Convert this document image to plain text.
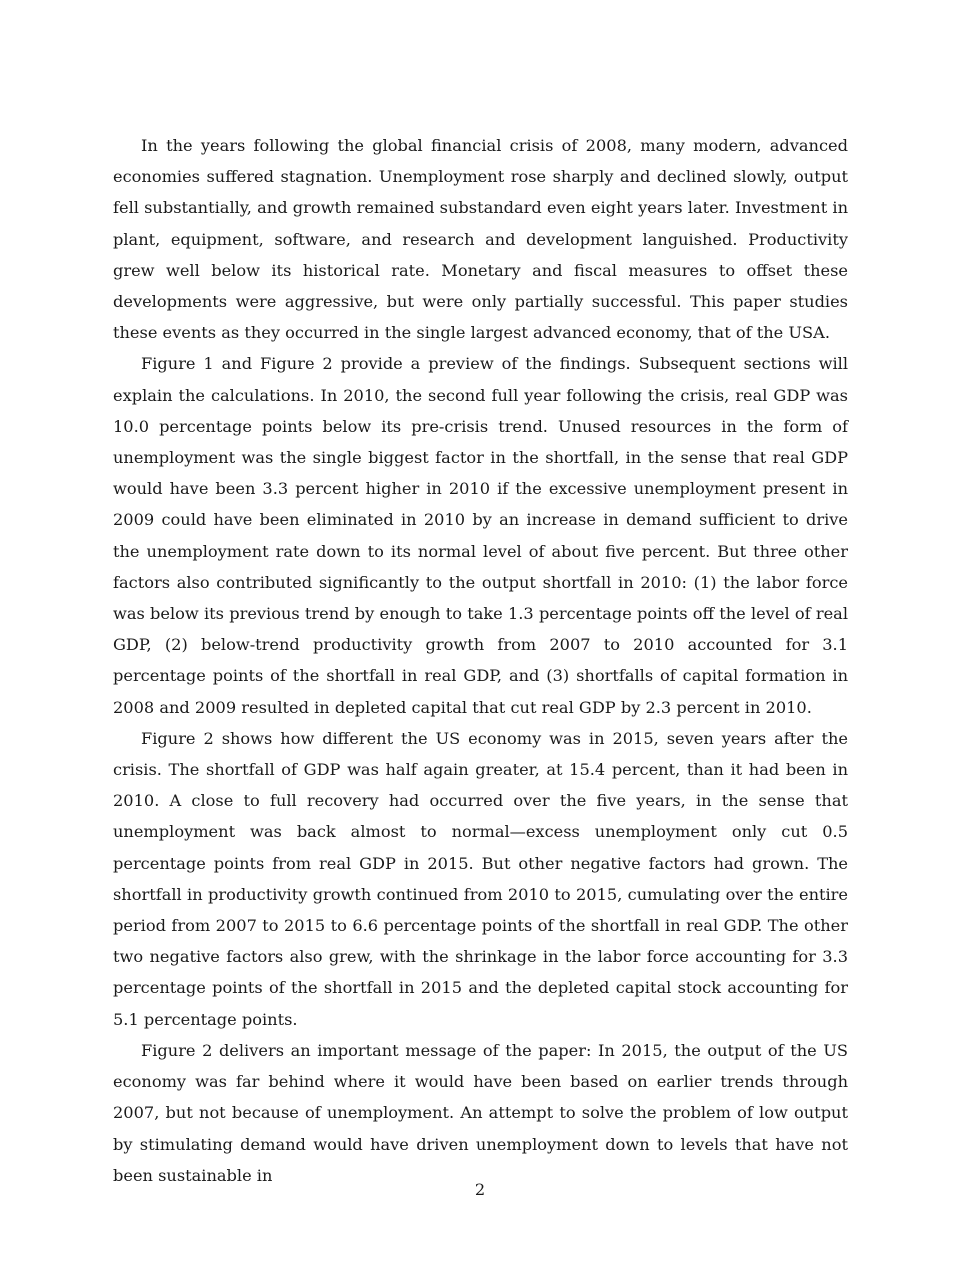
In the years following the global financial crisis of 2008, many modern, advanced economies suffered stagnation. Unemployment rose sharply and declined slowly, output fell substantially, and growth remained substandard even eight years later. Investment in plant, equipment, software, and research and development languished. Productivity grew well below its historical rate. Monetary and fiscal measures to offset these developments were aggressive, but were only partially successful. This paper studies these events as they occurred in the single largest advanced economy, that of the USA.

Figure 1 and Figure 2 provide a preview of the findings. Subsequent sections will explain the calculations. In 2010, the second full year following the crisis, real GDP was 10.0 percentage points below its pre-crisis trend. Unused resources in the form of unemployment was the single biggest factor in the shortfall, in the sense that real GDP would have been 3.3 percent higher in 2010 if the excessive unemployment present in 2009 could have been eliminated in 2010 by an increase in demand sufficient to drive the unemployment rate down to its normal level of about five percent. But three other factors also contributed significantly to the output shortfall in 2010: (1) the labor force was below its previous trend by enough to take 1.3 percentage points off the level of real GDP, (2) below-trend productivity growth from 2007 to 2010 accounted for 3.1 percentage points of the shortfall in real GDP, and (3) shortfalls of capital formation in 2008 and 2009 resulted in depleted capital that cut real GDP by 2.3 percent in 2010.

Figure 2 shows how different the US economy was in 2015, seven years after the crisis. The shortfall of GDP was half again greater, at 15.4 percent, than it had been in 2010. A close to full recovery had occurred over the five years, in the sense that unemployment was back almost to normal—excess unemployment only cut 0.5 percentage points from real GDP in 2015. But other negative factors had grown. The shortfall in productivity growth continued from 2010 to 2015, cumulating over the entire period from 2007 to 2015 to 6.6 percentage points of the shortfall in real GDP. The other two negative factors also grew, with the shrinkage in the labor force accounting for 3.3 percentage points of the shortfall in 2015 and the depleted capital stock accounting for 5.1 percentage points.

Figure 2 delivers an important message of the paper: In 2015, the output of the US economy was far behind where it would have been based on earlier trends through 2007, but not because of unemployment. An attempt to solve the problem of low output by stimulating demand would have driven unemployment down to levels that have not been sustainable in

2
